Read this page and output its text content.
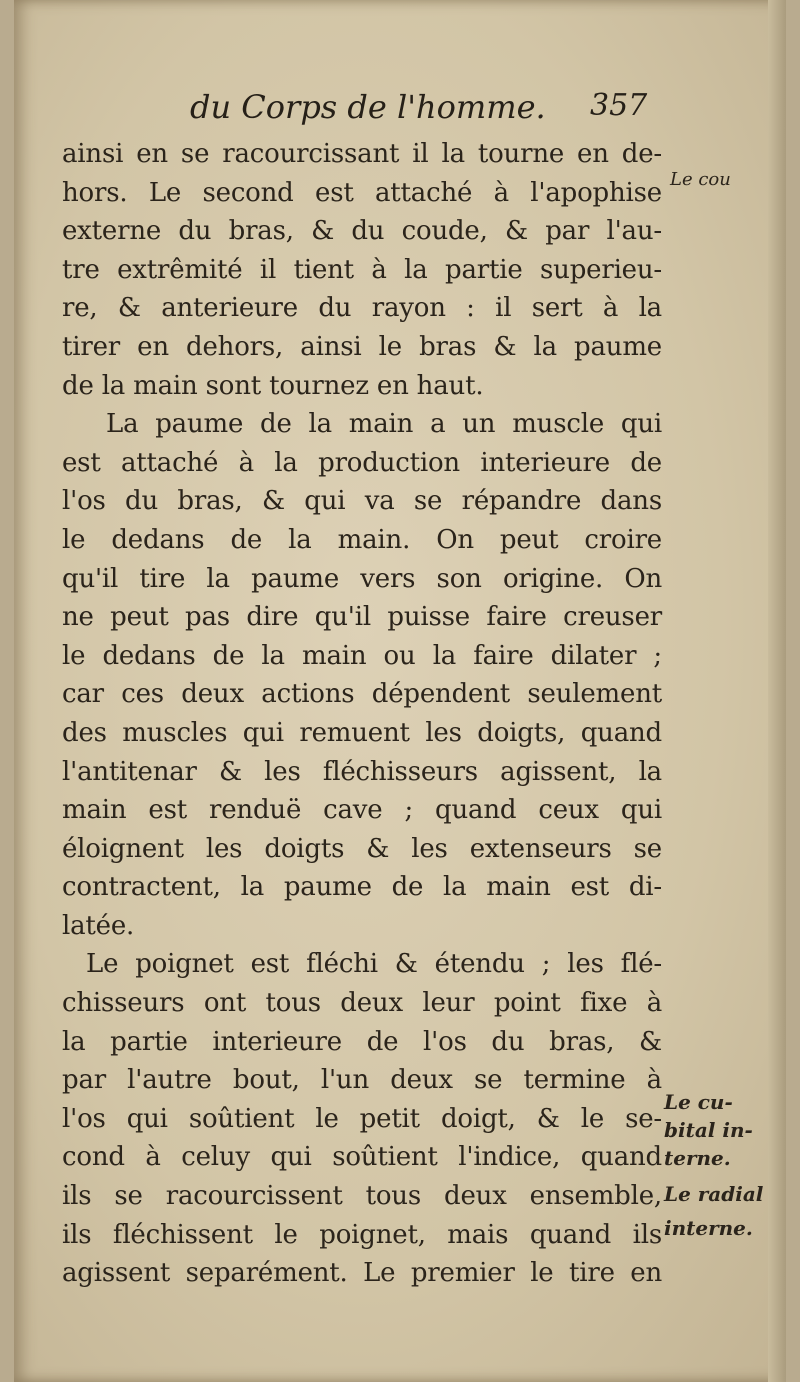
du Corps de l'homme. 357
ainsi en se racourcissant il la tourne en de-
hors. Le second est attaché à l'apophise
externe du bras, & du coude, & par l'au-
tre extrêmité il tient à la partie superieu-
re, & anterieure du rayon : il sert à la
tirer en dehors, ainsi le bras & la paume
de la main sont tournez en haut.
La paume de la main a un muscle qui
est attaché à la production interieure de
l'os du bras, & qui va se répandre dans
le dedans de la main. On peut croire
qu'il tire la paume vers son origine. On
ne peut pas dire qu'il puisse faire creuser
le dedans de la main ou la faire dilater ;
car ces deux actions dépendent seulement
des muscles qui remuent les doigts, quand
l'antitenar & les fléchisseurs agissent, la
main est renduë cave ; quand ceux qui
éloignent les doigts & les extenseurs se
contractent, la paume de la main est di-
latée.
Le poignet est fléchi & étendu ; les flé-
chisseurs ont tous deux leur point fixe à
la partie interieure de l'os du bras, &
par l'autre bout, l'un deux se termine à
l'os qui soûtient le petit doigt, & le se-
cond à celuy qui soûtient l'indice, quand
ils se racourcissent tous deux ensemble,
ils fléchissent le poignet, mais quand ils
agissent separément. Le premier le tire en
Le cou
Le cu-
bital in-
terne.
Le radial
interne.
